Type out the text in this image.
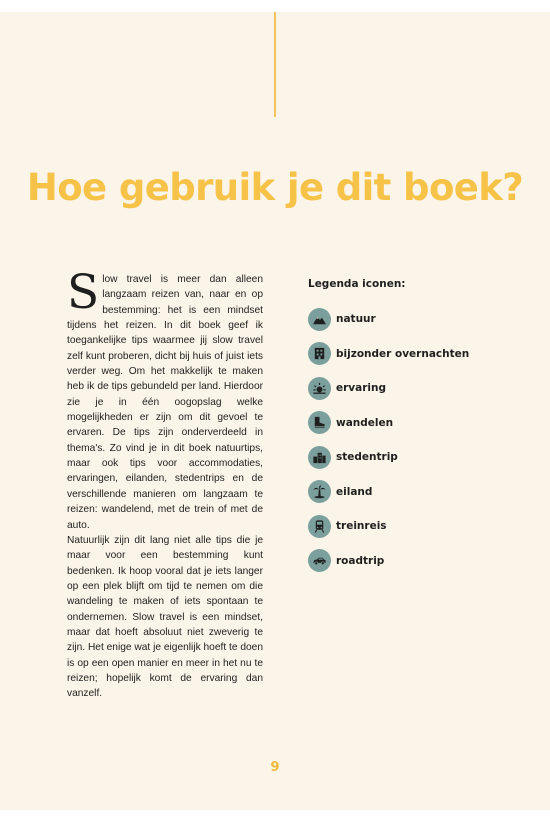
Hoe gebruik je dit boek?

Slow travel is meer dan alleen langzaam reizen van, naar en op bestemming: het is een mindset tijdens het reizen. In dit boek geef ik toegankelijke tips waarmee jij slow travel zelf kunt proberen, dicht bij huis of juist iets verder weg. Om het makkelijk te maken heb ik de tips gebundeld per land. Hierdoor zie je in één oogopslag welke mogelijkheden er zijn om dit gevoel te ervaren. De tips zijn onderverdeeld in thema's. Zo vind je in dit boek natuurtips, maar ook tips voor accommodaties, ervaringen, eilanden, stedentrips en de verschillende manieren om langzaam te reizen: wandelend, met de trein of met de auto.

Natuurlijk zijn dit lang niet alle tips die je maar voor een bestemming kunt bedenken. Ik hoop vooral dat je iets langer op een plek blijft om tijd te nemen om die wandeling te maken of iets spontaan te ondernemen. Slow travel is een mindset, maar dat hoeft absoluut niet zweverig te zijn. Het enige wat je eigenlijk hoeft te doen is op een open manier en meer in het nu te reizen; hopelijk komt de ervaring dan vanzelf.

Legenda iconen:
natuur
bijzonder overnachten
ervaring
wandelen
stedentrip
eiland
treinreis
roadtrip
9
